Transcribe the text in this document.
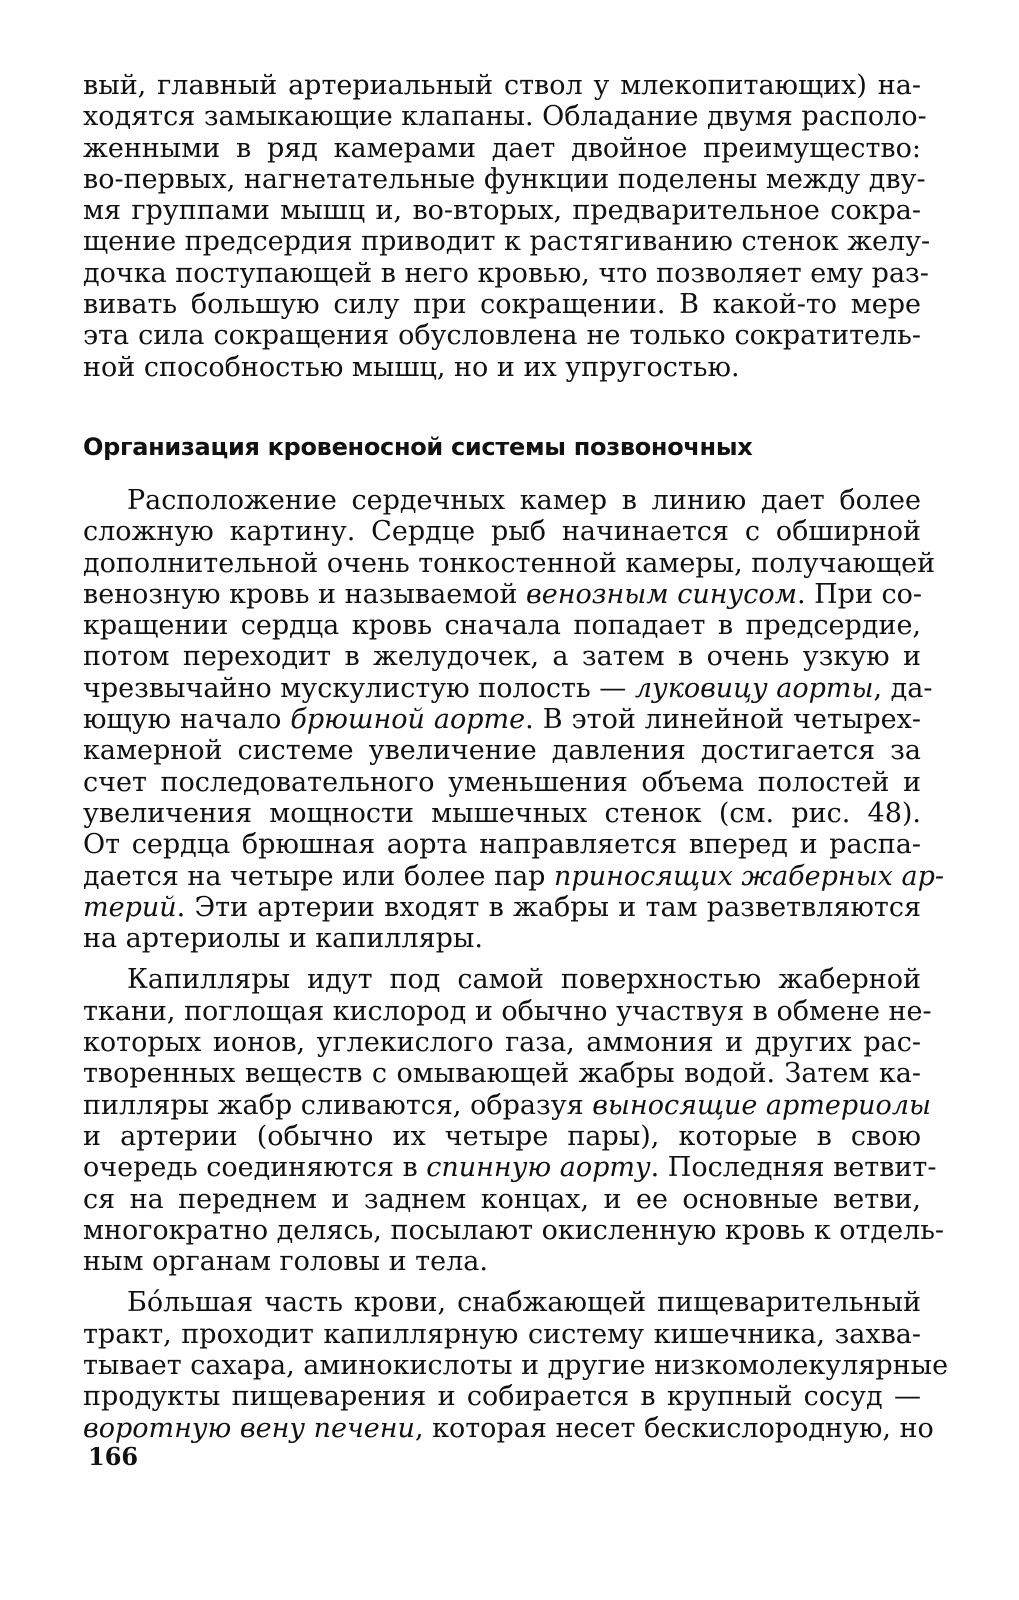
вый, главный артериальный ствол у млекопитающих) на-
ходятся замыкающие клапаны. Обладание двумя располо-
женными в ряд камерами дает двойное преимущество:
во-первых, нагнетательные функции поделены между дву-
мя группами мышц и, во-вторых, предварительное сокра-
щение предсердия приводит к растягиванию стенок желу-
дочка поступающей в него кровью, что позволяет ему раз-
вивать большую силу при сокращении. В какой-то мере
эта сила сокращения обусловлена не только сократитель-
ной способностью мышц, но и их упругостью.

Организация кровеносной системы позвоночных

Расположение сердечных камер в линию дает более
сложную картину. Сердце рыб начинается с обширной
дополнительной очень тонкостенной камеры, получающей
венозную кровь и называемой венозным синусом. При со-
кращении сердца кровь сначала попадает в предсердие,
потом переходит в желудочек, а затем в очень узкую и
чрезвычайно мускулистую полость — луковицу аорты, да-
ющую начало брюшной аорте. В этой линейной четырех-
камерной системе увеличение давления достигается за
счет последовательного уменьшения объема полостей и
увеличения мощности мышечных стенок (см. рис. 48).
От сердца брюшная аорта направляется вперед и распа-
дается на четыре или более пар приносящих жаберных ар-
терий. Эти артерии входят в жабры и там разветвляются
на артериолы и капилляры.

Капилляры идут под самой поверхностью жаберной
ткани, поглощая кислород и обычно участвуя в обмене не-
которых ионов, углекислого газа, аммония и других рас-
творенных веществ с омывающей жабры водой. Затем ка-
пилляры жабр сливаются, образуя выносящие артериолы
и артерии (обычно их четыре пары), которые в свою
очередь соединяются в спинную аорту. Последняя ветвит-
ся на переднем и заднем концах, и ее основные ветви,
многократно делясь, посылают окисленную кровь к отдель-
ным органам головы и тела.

Бóльшая часть крови, снабжающей пищеварительный
тракт, проходит капиллярную систему кишечника, захва-
тывает сахара, аминокислоты и другие низкомолекулярные
продукты пищеварения и собирается в крупный сосуд —
воротную вену печени, которая несет бескислородную, но

166
